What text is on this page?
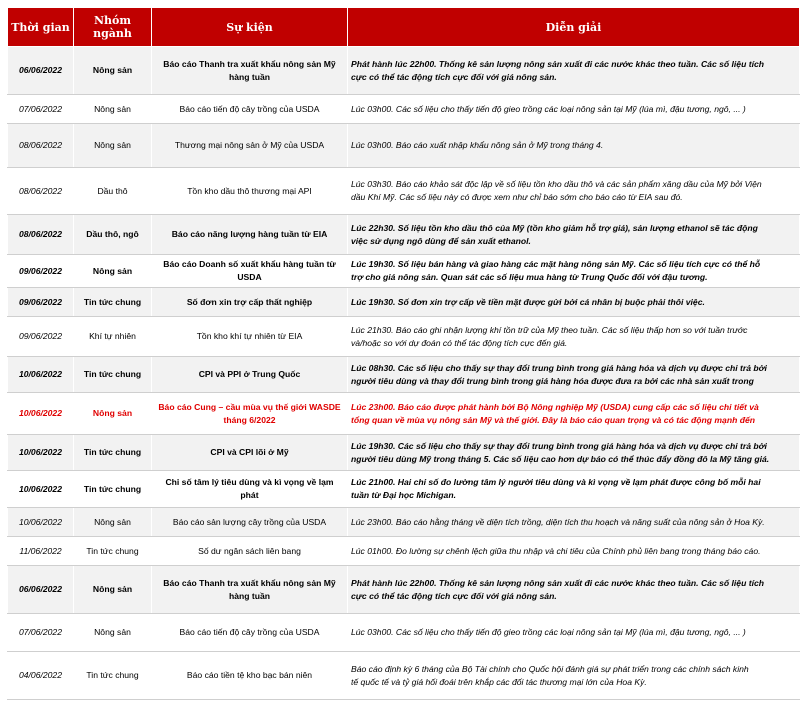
Thời gian	Nhóm ngành	Sự kiện	Diễn giải
06/06/2022	Nông sản	Báo cáo Thanh tra xuất khẩu nông sản Mỹ hàng tuần	Phát hành lúc 22h00. Thống kê sản lượng nông sản xuất đi các nước khác theo tuần. Các số liệu tích
cực có thể tác động tích cực đối với giá nông sản.

07/06/2022	Nông sản	Báo cáo tiến độ cây trồng của USDA	Lúc 03h00. Các số liệu cho thấy tiến độ gieo trồng các loại nông sản tại Mỹ (lúa mì, đậu tương, ngô, ... )

08/06/2022	Nông sản	Thương mại nông sản ở Mỹ của USDA	Lúc 03h00. Báo cáo xuất nhập khẩu nông sản ở Mỹ trong tháng 4.

08/06/2022	Dầu thô	Tồn kho dầu thô thương mại API	Lúc 03h30. Báo cáo khảo sát độc lập về số liệu tồn kho dầu thô và các sản phẩm xăng dầu của Mỹ bởi Viện
dầu Khí Mỹ. Các số liệu này có được xem như chỉ báo sớm cho báo cáo từ EIA sau đó.

08/06/2022	Dầu thô, ngô	Báo cáo năng lượng hàng tuần từ EIA	Lúc 22h30. Số liệu tồn kho dầu thô của Mỹ (tồn kho giảm hỗ trợ giá), sản lượng ethanol sẽ tác động
việc sử dụng ngô dùng để sản xuất ethanol.

09/06/2022	Nông sản	Báo cáo Doanh số xuất khẩu hàng tuần từ USDA	Lúc 19h30. Số liệu bán hàng và giao hàng các mặt hàng nông sản Mỹ. Các số liệu tích cực có thể hỗ
trợ cho giá nông sản. Quan sát các số liệu mua hàng từ Trung Quốc đối với đậu tương.

09/06/2022	Tin tức chung	Số đơn xin trợ cấp thất nghiệp	Lúc 19h30. Số đơn xin trợ cấp về tiền mặt được gửi bởi cá nhân bị buộc phải thôi việc.

09/06/2022	Khí tự nhiên	Tồn kho khí tự nhiên từ EIA	Lúc 21h30. Báo cáo ghi nhận lượng khí tồn trữ của Mỹ theo tuần. Các số liệu thấp hơn so với tuần trước
và/hoặc so với dự đoán có thể tác động tích cực đến giá.

10/06/2022	Tin tức chung	CPI và PPI ở Trung Quốc	Lúc 08h30. Các số liệu cho thấy sự thay đổi trung bình trong giá hàng hóa và dịch vụ được chi trả bởi
người tiêu dùng và thay đổi trung bình trong giá hàng hóa được đưa ra bởi các nhà sản xuất trong

10/06/2022	Nông sản	Báo cáo Cung – cầu mùa vụ thế giới WASDE tháng 6/2022	Lúc 23h00. Báo cáo được phát hành bởi Bộ Nông nghiệp Mỹ (USDA) cung cấp các số liệu chi tiết và
tổng quan về mùa vụ nông sản Mỹ và thế giới. Đây là báo cáo quan trọng và có tác động mạnh đến

10/06/2022	Tin tức chung	CPI và CPI lõi ở Mỹ	Lúc 19h30. Các số liệu cho thấy sự thay đổi trung bình trong giá hàng hóa và dịch vụ được chi trả bởi
người tiêu dùng Mỹ trong tháng 5. Các số liệu cao hơn dự báo có thể thúc đẩy đồng đô la Mỹ tăng giá.

10/06/2022	Tin tức chung	Chỉ số tâm lý tiêu dùng và kì vọng về lạm phát	Lúc 21h00. Hai chỉ số đo lường tâm lý người tiêu dùng và kì vọng về lạm phát được công bố mỗi hai
tuần từ Đại học Michigan.

10/06/2022	Nông sản	Báo cáo sản lượng cây trồng của USDA	Lúc 23h00. Báo cáo hằng tháng về diện tích trồng, diện tích thu hoạch và năng suất của nông sản ở Hoa Kỳ.

11/06/2022	Tin tức chung	Số dư ngân sách liên bang	Lúc 01h00. Đo lường sự chênh lệch giữa thu nhập và chi tiêu của Chính phủ liên bang trong tháng báo cáo.

06/06/2022	Nông sản	Báo cáo Thanh tra xuất khẩu nông sản Mỹ hàng tuần	Phát hành lúc 22h00. Thống kê sản lượng nông sản xuất đi các nước khác theo tuần. Các số liệu tích
cực có thể tác động tích cực đối với giá nông sản.

07/06/2022	Nông sản	Báo cáo tiến độ cây trồng của USDA	Lúc 03h00. Các số liệu cho thấy tiến độ gieo trồng các loại nông sản tại Mỹ (lúa mì, đậu tương, ngô, ... )

04/06/2022	Tin tức chung	Báo cáo tiền tệ kho bạc bán niên	Báo cáo định kỳ 6 tháng của Bộ Tài chính cho Quốc hội đánh giá sự phát triển trong các chính sách kinh
tế quốc tế và tỷ giá hối đoái trên khắp các đối tác thương mại lớn của Hoa Kỳ.
